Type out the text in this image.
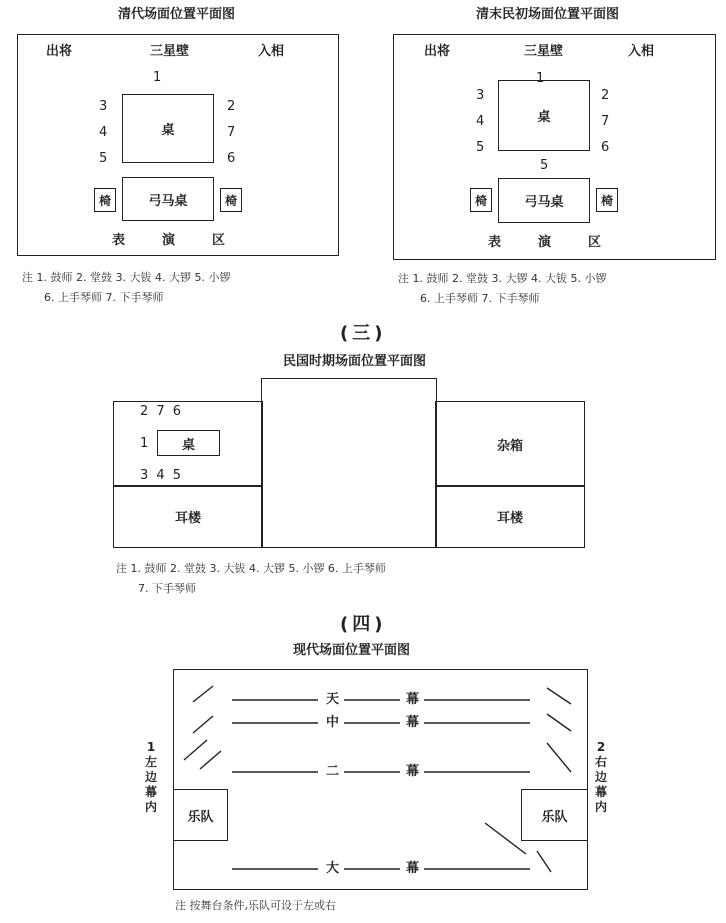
清代场面位置平面图
出将	三星壁	入相
1
2
3
4
5	6
7
桌
弓马桌
椅	椅
表	演	区
注 1. 鼓师 2. 堂鼓 3. 大钹 4. 大锣 5. 小锣
6. 上手琴师 7. 下手琴师
清末民初场面位置平面图
出将	三星壁	入相
1
2
3
4
5	6
7
桌
5
弓马桌
椅	椅
表	演	区
注 1. 鼓师 2. 堂鼓 3. 大锣 4. 大钹 5. 小锣
6. 上手琴师 7. 下手琴师
(三)
民国时期场面位置平面图
耳楼
杂箱
耳楼
2 7 6
1	桌
3 4 5
注 1. 鼓师 2. 堂鼓 3. 大钹 4. 大锣 5. 小锣 6. 上手琴师
7. 下手琴师
(四)
现代场面位置平面图
天	幕
中	幕
二	幕
大	幕
1左边幕内
2右边幕内
乐队	乐队
注 按舞台条件,乐队可设于左或右
